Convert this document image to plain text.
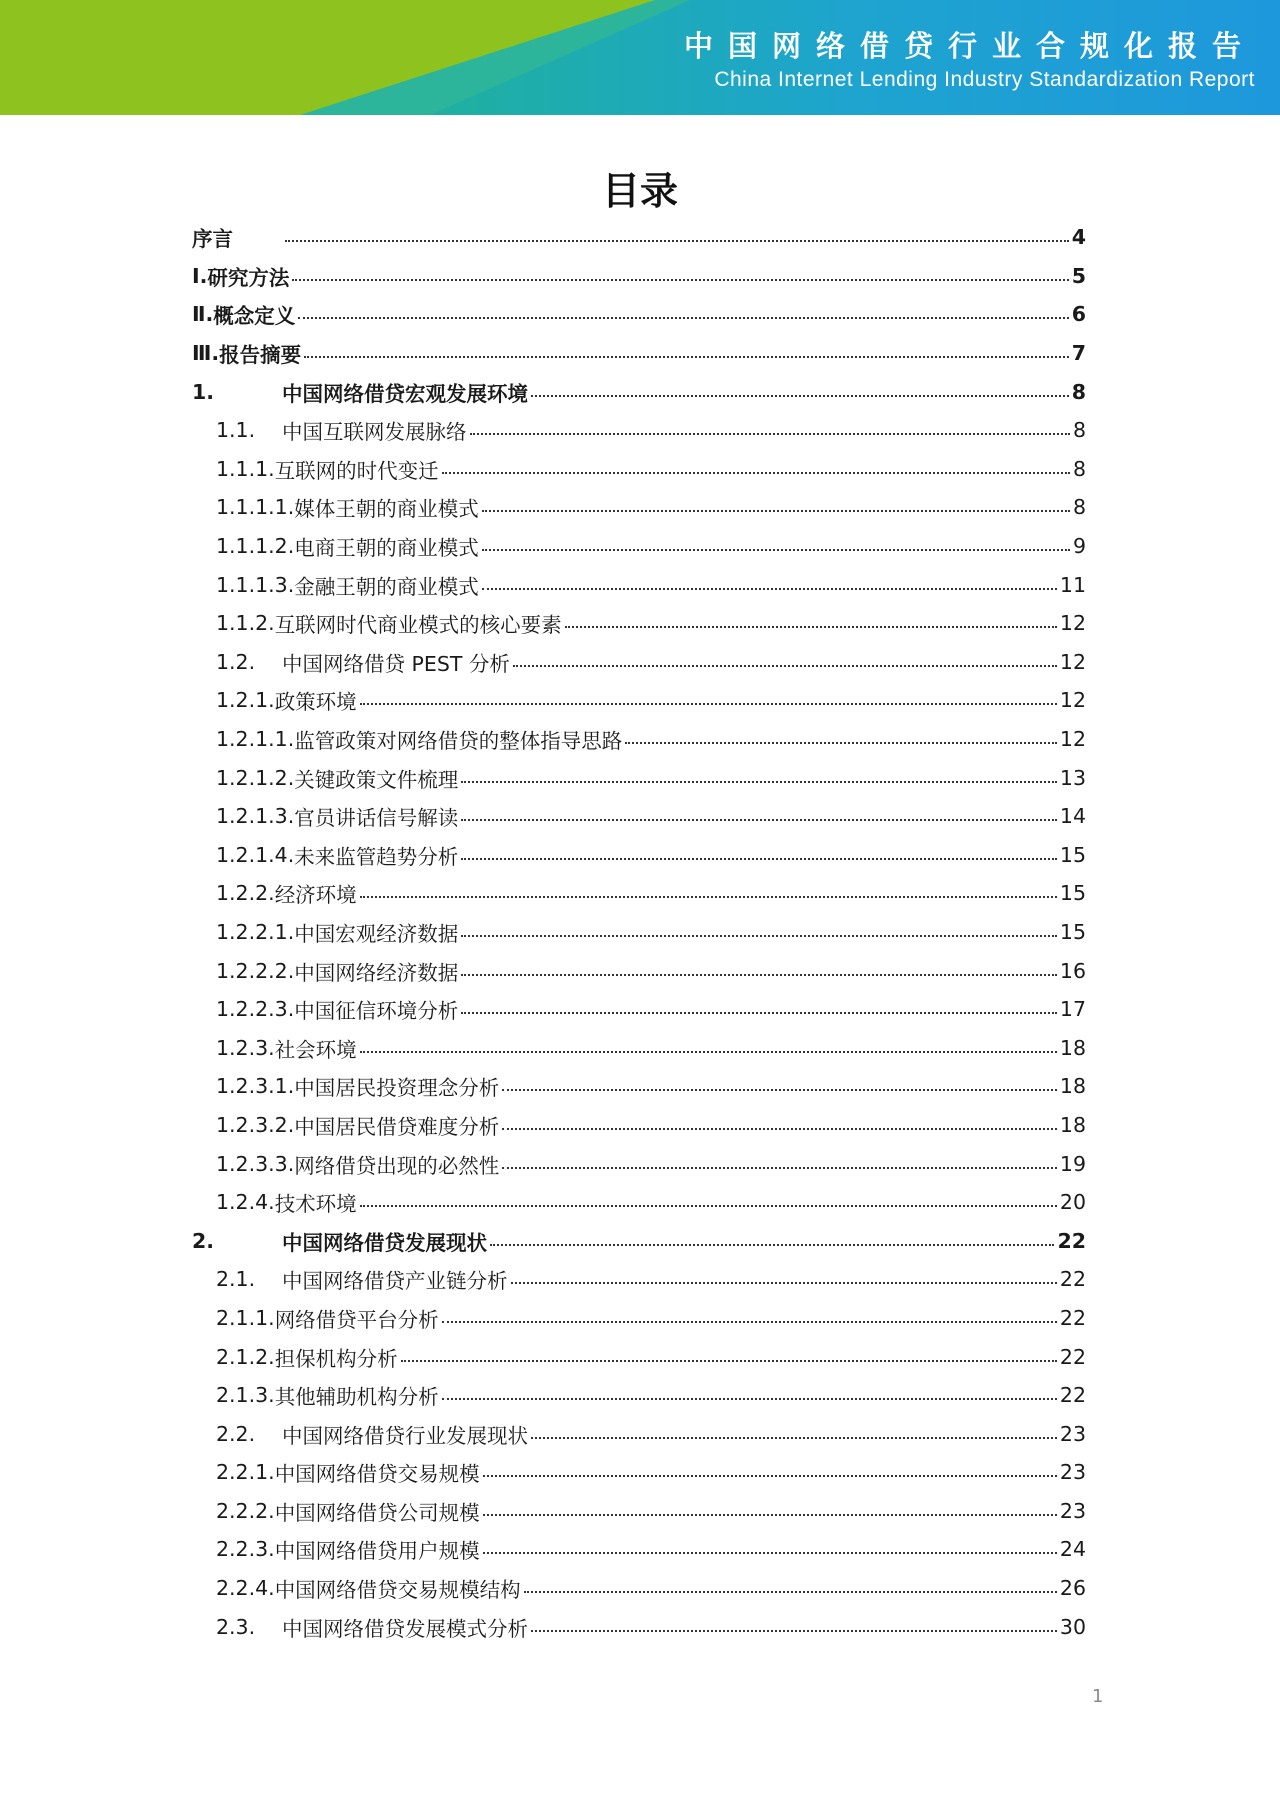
中国网络借贷行业合规化报告
China Internet Lending Industry Standardization Report
目录
序言	4
Ⅰ. 研究方法	5
Ⅱ. 概念定义	6
Ⅲ. 报告摘要	7
1.	中国网络借贷宏观发展环境	8
1.1.	中国互联网发展脉络	8
1.1.1. 互联网的时代变迁	8
1.1.1.1. 媒体王朝的商业模式	8
1.1.1.2. 电商王朝的商业模式	9
1.1.1.3. 金融王朝的商业模式	11
1.1.2. 互联网时代商业模式的核心要素	12
1.2.	中国网络借贷 PEST 分析	12
1.2.1. 政策环境	12
1.2.1.1. 监管政策对网络借贷的整体指导思路	12
1.2.1.2. 关键政策文件梳理	13
1.2.1.3. 官员讲话信号解读	14
1.2.1.4. 未来监管趋势分析	15
1.2.2. 经济环境	15
1.2.2.1. 中国宏观经济数据	15
1.2.2.2. 中国网络经济数据	16
1.2.2.3. 中国征信环境分析	17
1.2.3. 社会环境	18
1.2.3.1. 中国居民投资理念分析	18
1.2.3.2. 中国居民借贷难度分析	18
1.2.3.3. 网络借贷出现的必然性	19
1.2.4. 技术环境	20
2.	中国网络借贷发展现状	22
2.1.	中国网络借贷产业链分析	22
2.1.1. 网络借贷平台分析	22
2.1.2. 担保机构分析	22
2.1.3. 其他辅助机构分析	22
2.2.	中国网络借贷行业发展现状	23
2.2.1. 中国网络借贷交易规模	23
2.2.2. 中国网络借贷公司规模	23
2.2.3. 中国网络借贷用户规模	24
2.2.4. 中国网络借贷交易规模结构	26
2.3.	中国网络借贷发展模式分析	30
1
